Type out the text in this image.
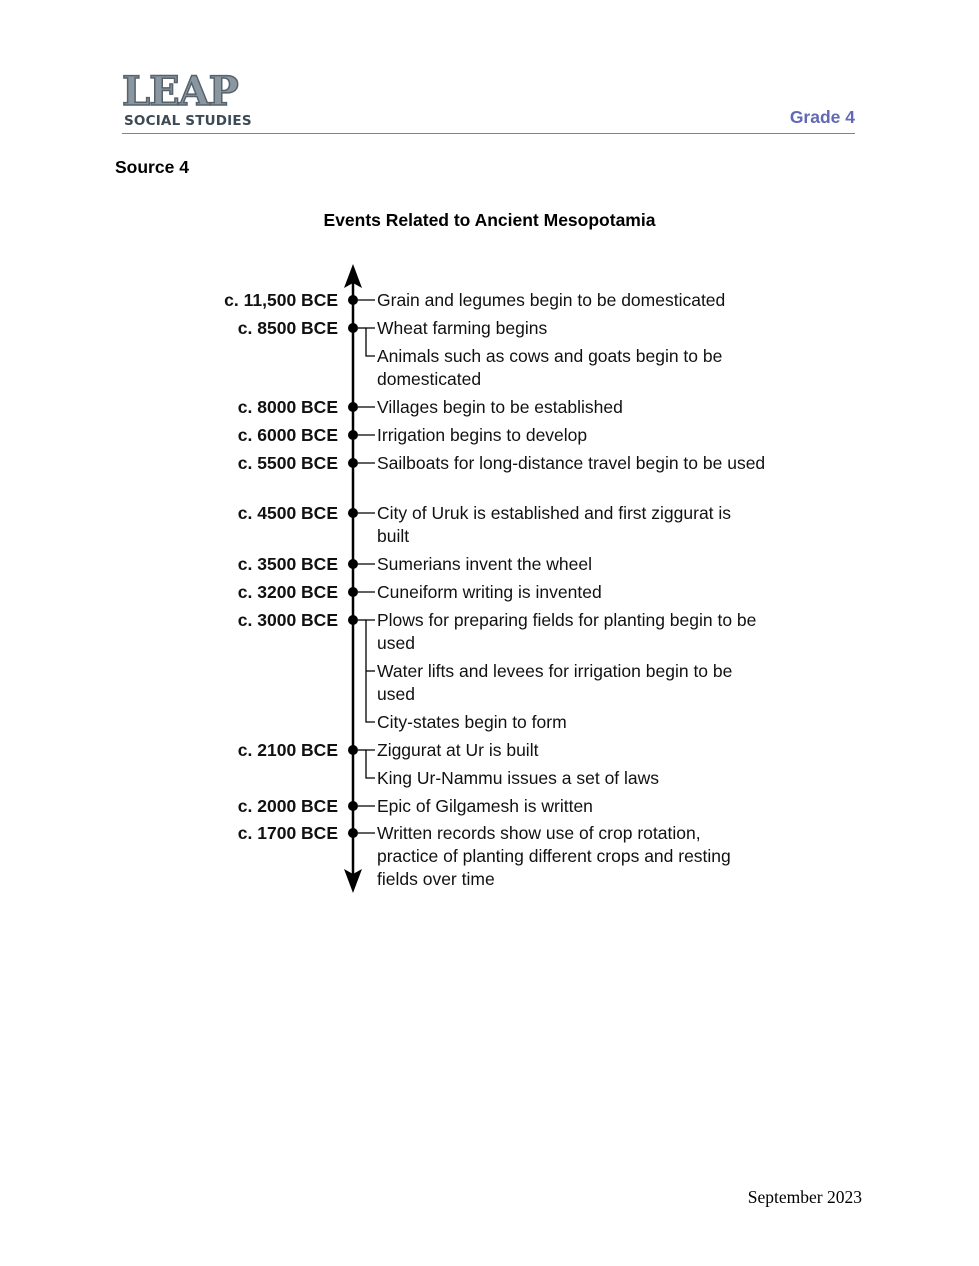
LEAP
SOCIAL STUDIES	Grade 4
Source 4
Events Related to Ancient Mesopotamia
c. 11,500 BCE
c. 8500 BCE
c. 8000 BCE
c. 6000 BCE
c. 5500 BCE
c. 4500 BCE
c. 3500 BCE
c. 3200 BCE
c. 3000 BCE
c. 2100 BCE
c. 2000 BCE
c. 1700 BCE
Grain and legumes begin to be domesticated
Wheat farming begins
Animals such as cows and goats begin to be domesticated
Villages begin to be established
Irrigation begins to develop
Sailboats for long-distance travel begin to be used
City of Uruk is established and first ziggurat is built
Sumerians invent the wheel
Cuneiform writing is invented
Plows for preparing fields for planting begin to be used
Water lifts and levees for irrigation begin to be used
City-states begin to form
Ziggurat at Ur is built
King Ur-Nammu issues a set of laws
Epic of Gilgamesh is written
Written records show use of crop rotation, practice of planting different crops and resting fields over time
September 2023
